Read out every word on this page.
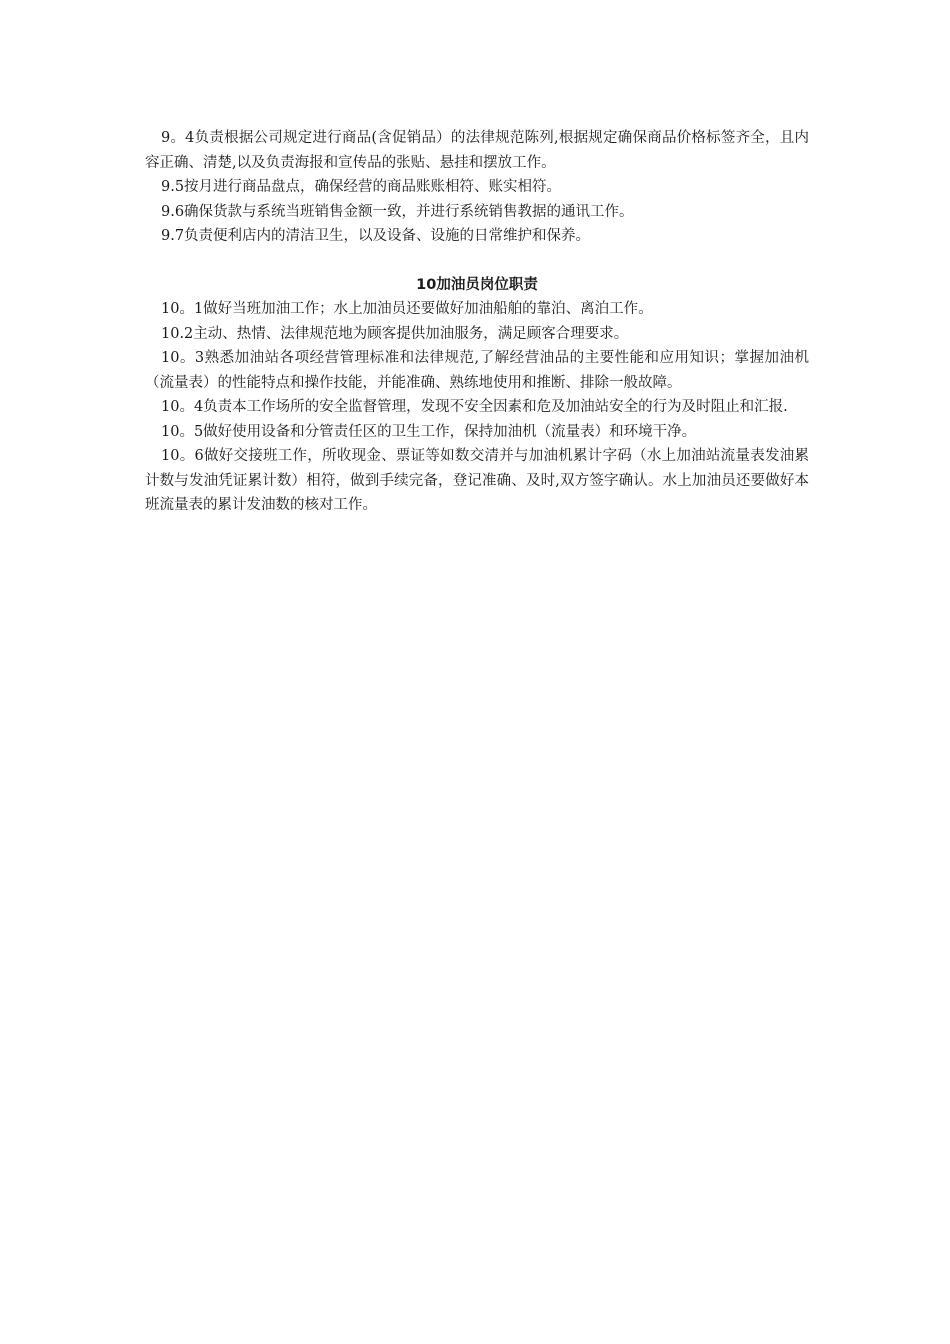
9。4负责根据公司规定进行商品(含促销品）的法律规范陈列,根据规定确保商品价格标签齐全，且内容正确、清楚,以及负责海报和宣传品的张贴、悬挂和摆放工作。

9.5按月进行商品盘点，确保经营的商品账账相符、账实相符。

9.6确保货款与系统当班销售金额一致，并进行系统销售教据的通讯工作。

9.7负责便利店内的清洁卫生，以及设备、设施的日常维护和保养。

10加油员岗位职责

10。1做好当班加油工作；水上加油员还要做好加油船舶的靠泊、离泊工作。

10.2主动、热情、法律规范地为顾客提供加油服务，满足顾客合理要求。

10。3熟悉加油站各项经营管理标准和法律规范,了解经营油品的主要性能和应用知识；掌握加油机（流量表）的性能特点和操作技能，并能准确、熟练地使用和推断、排除一般故障。

10。4负责本工作场所的安全监督管理，发现不安全因素和危及加油站安全的行为及时阻止和汇报.

10。5做好使用设备和分管责任区的卫生工作，保持加油机（流量表）和环境干净。

10。6做好交接班工作，所收现金、票证等如数交清并与加油机累计字码（水上加油站流量表发油累计数与发油凭证累计数）相符，做到手续完备，登记准确、及时,双方签字确认。水上加油员还要做好本班流量表的累计发油数的核对工作。
